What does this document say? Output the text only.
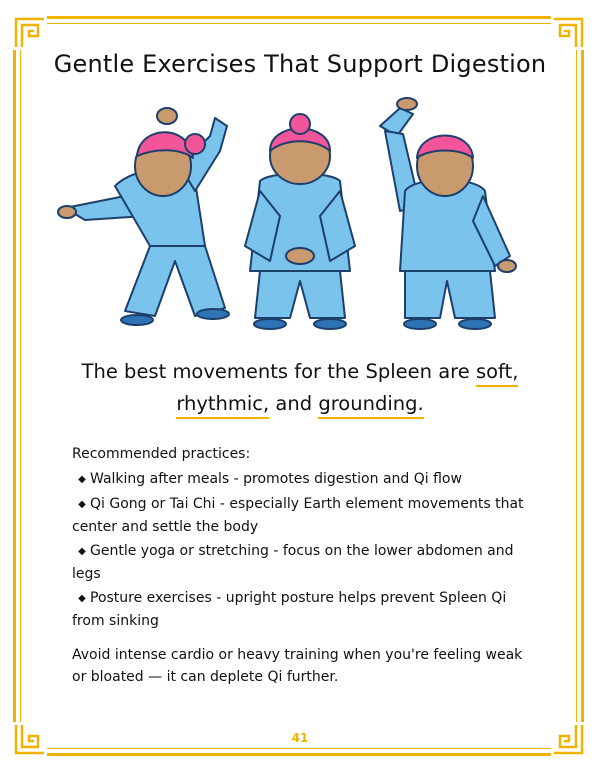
Gentle Exercises That Support Digestion
The best movements for the Spleen are soft,
rhythmic, and grounding.

Recommended practices:

◆ Walking after meals - promotes digestion and Qi flow
◆ Qi Gong or Tai Chi - especially Earth element movements that center and settle the body
◆ Gentle yoga or stretching - focus on the lower abdomen and legs
◆ Posture exercises - upright posture helps prevent Spleen Qi from sinking

Avoid intense cardio or heavy training when you're feeling weak or bloated — it can deplete Qi further.

41
